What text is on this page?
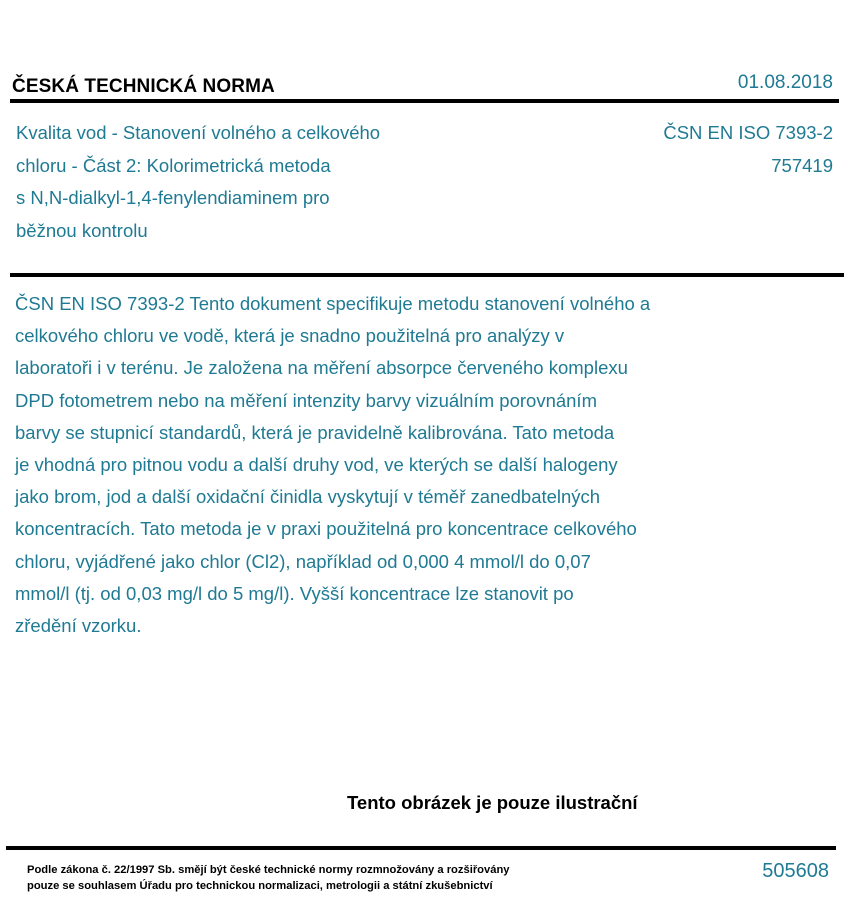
ČESKÁ TECHNICKÁ NORMA	01.08.2018
Kvalita vod - Stanovení volného a celkového
chloru - Část 2: Kolorimetrická metoda
s N,N-dialkyl-1,4-fenylendiaminem pro
běžnou kontrolu
ČSN EN ISO 7393-2
757419
ČSN EN ISO 7393-2 Tento dokument specifikuje metodu stanovení volného a
celkového chloru ve vodě, která je snadno použitelná pro analýzy v
laboratoři i v terénu. Je založena na měření absorpce červeného komplexu
DPD fotometrem nebo na měření intenzity barvy vizuálním porovnáním
barvy se stupnicí standardů, která je pravidelně kalibrována. Tato metoda
je vhodná pro pitnou vodu a další druhy vod, ve kterých se další halogeny
jako brom, jod a další oxidační činidla vyskytují v téměř zanedbatelných
koncentracích. Tato metoda je v praxi použitelná pro koncentrace celkového
chloru, vyjádřené jako chlor (Cl2), například od 0,000 4 mmol/l do 0,07
mmol/l (tj. od 0,03 mg/l do 5 mg/l). Vyšší koncentrace lze stanovit po
zředění vzorku.
Tento obrázek je pouze ilustrační
Podle zákona č. 22/1997 Sb. smějí být české technické normy rozmnožovány a rozšiřovány
pouze se souhlasem Úřadu pro technickou normalizaci, metrologii a státní zkušebnictví
505608
